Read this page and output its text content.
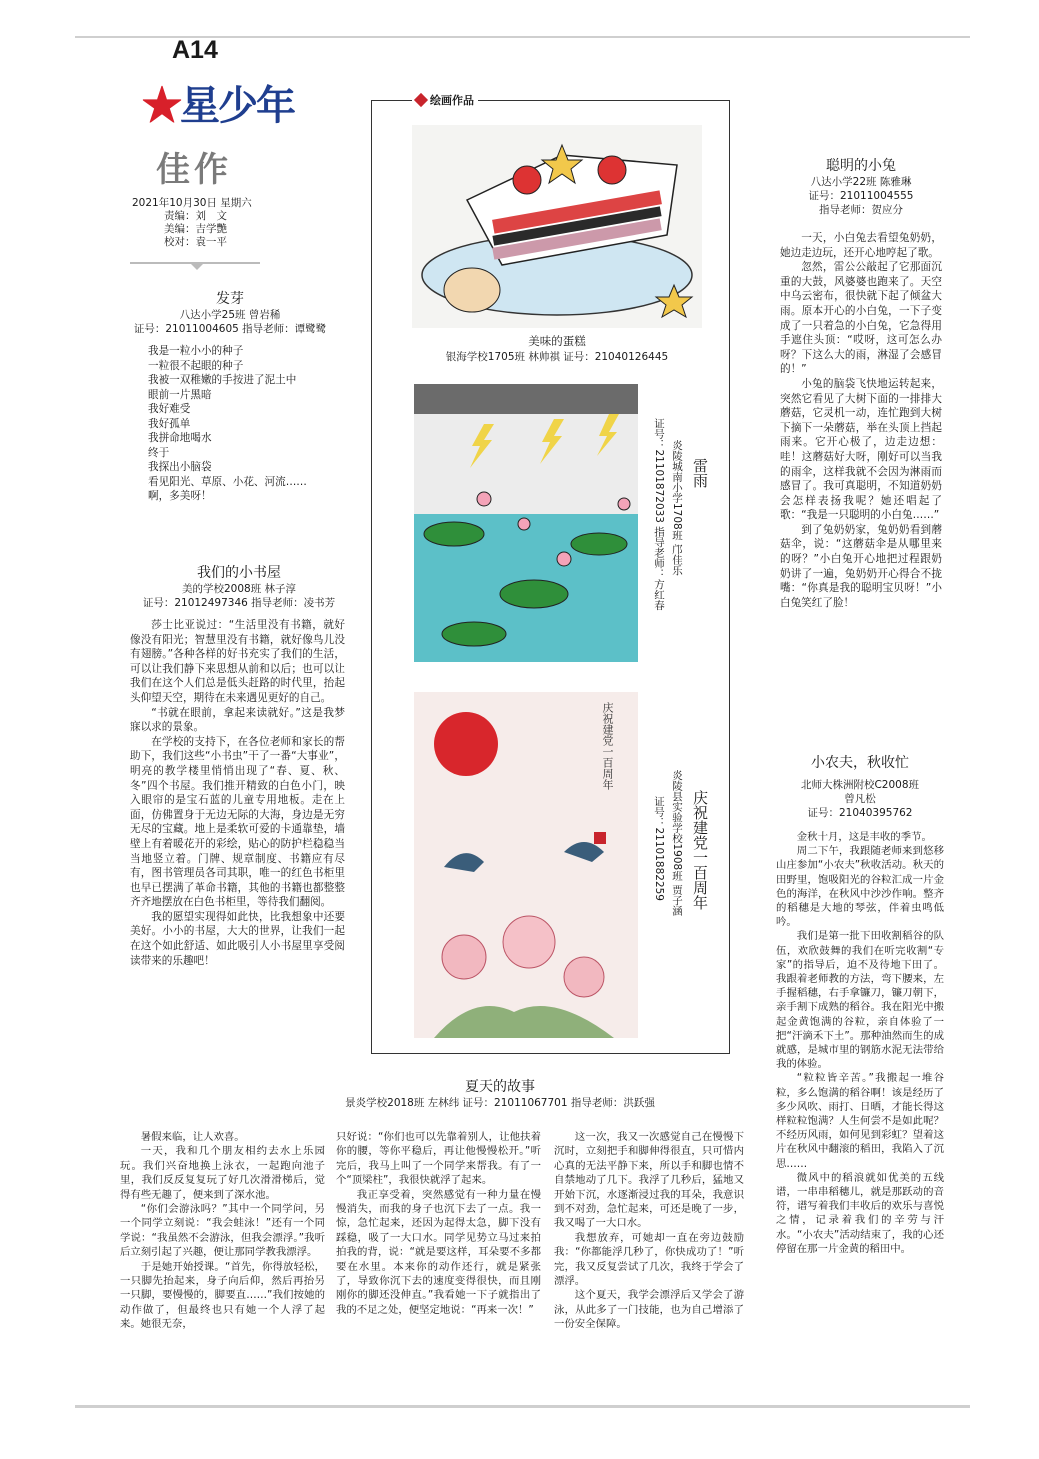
A14
★星少年
佳作
2021年10月30日 星期六
责编：刘　文
美编：吉学艷
校对：袁一平
发芽
八达小学25班 曾岩稀
证号：21011004605 指导老师：谭鹭鹭
我是一粒小小的种子
一粒很不起眼的种子
我被一双稚嫩的手按进了泥土中
眼前一片黑暗
我好难受
我好孤单
我拼命地喝水
终于
我探出小脑袋
看见阳光、草原、小花、河流……
啊，多美呀！
我们的小书屋
美的学校2008班 林子淳
证号：21012497346 指导老师：凌书芳

莎士比亚说过：“生活里没有书籍，就好像没有阳光；智慧里没有书籍，就好像鸟儿没有翅膀。”各种各样的好书充实了我们的生活，可以让我们静下来思想从前和以后；也可以让我们在这个人们总是低头赶路的时代里，抬起头仰望天空，期待在未来遇见更好的自己。

“书就在眼前，拿起来读就好。”这是我梦寐以求的景象。

在学校的支持下，在各位老师和家长的帮助下，我们这些“小书虫”干了一番“大事业”，明亮的教学楼里悄悄出现了“春、夏、秋、冬”四个书屋。我们推开精致的白色小门，映入眼帘的是宝石蓝的儿童专用地板。走在上面，仿佛置身于无边无际的大海，身边是无穷无尽的宝藏。地上是柔软可爱的卡通靠垫，墙壁上有着暖花开的彩绘，贴心的防护栏稳稳当当地竖立着。门牌、规章制度、书籍应有尽有，图书管理员各司其职，唯一的红色书柜里也早已摆满了革命书籍，其他的书籍也都整整齐齐地摆放在白色书柜里，等待我们翻阅。

我的愿望实现得如此快，比我想象中还要美好。小小的书屋，大大的世界，让我们一起在这个如此舒适、如此吸引人小书屋里享受阅读带来的乐趣吧！

绘画作品
美味的蛋糕
银海学校1705班 林帅祺 证号：21040126445
雷雨
炎陵城南小学1708班 邝佳乐
证号：21101872033 指导老师：方红春
庆祝建党一百周年
庆祝建党一百周年
炎陵县实验学校1908班 贾子涵
证号：21101882259
聪明的小兔
八达小学22班 陈雅琳
证号：21011004555
指导老师：贺应分

一天，小白兔去看望兔奶奶，她边走边玩，还开心地哼起了歌。

忽然，雷公公敲起了它那面沉重的大鼓，风婆婆也跑来了。天空中乌云密布，很快就下起了倾盆大雨。原本开心的小白兔，一下子变成了一只着急的小白兔，它急得用手遮住头顶：“哎呀，这可怎么办呀？下这么大的雨，淋湿了会感冒的！”

小兔的脑袋飞快地运转起来，突然它看见了大树下面的一排排大蘑菇，它灵机一动，连忙跑到大树下摘下一朵蘑菇，举在头顶上挡起雨来。它开心极了，边走边想：哇！这蘑菇好大呀，刚好可以当我的雨伞，这样我就不会因为淋雨而感冒了。我可真聪明，不知道奶奶会怎样表扬我呢？她还唱起了歌：“我是一只聪明的小白兔……”

到了兔奶奶家，兔奶奶看到蘑菇伞，说：“这蘑菇伞是从哪里来的呀？”小白兔开心地把过程跟奶奶讲了一遍，兔奶奶开心得合不拢嘴：“你真是我的聪明宝贝呀！”小白兔笑红了脸！

小农夫，秋收忙
北师大株洲附校C2008班
曾凡松
证号：21040395762

金秋十月，这是丰收的季节。

周二下午，我跟随老师来到悠移山庄参加“小农夫”秋收活动。秋天的田野里，饱吸阳光的谷粒汇成一片金色的海洋，在秋风中沙沙作响。整齐的稻穗是大地的琴弦，伴着虫鸣低吟。

我们是第一批下田收割稻谷的队伍，欢欣鼓舞的我们在听完收割“专家”的指导后，迫不及待地下田了。我跟着老师教的方法，弯下腰来，左手握稻穗，右手拿镰刀，镰刀朝下，亲手割下成熟的稻谷。我在阳光中搬起金黄饱满的谷粒，亲自体验了一把“汗滴禾下土”。那种油然而生的成就感，是城市里的钢筋水泥无法带给我的体验。

“粒粒皆辛苦。”我搬起一堆谷粒，多么饱满的稻谷啊！该是经历了多少风吹、雨打、日晒，才能长得这样粒粒饱满？人生何尝不是如此呢？不经历风雨，如何见到彩虹？望着这片在秋风中翻滚的稻田，我陷入了沉思……

微风中的稻浪就如优美的五线谱，一串串稻穗儿，就是那跃动的音符，谱写着我们丰收后的欢乐与喜悦之情，记录着我们的辛劳与汗水。“小农夫”活动结束了，我的心还停留在那一片金黄的稻田中。

夏天的故事
景炎学校2018班 左林纬 证号：21011067701 指导老师：洪跃强

暑假来临，让人欢喜。

一天，我和几个朋友相约去水上乐园玩。我们兴奋地换上泳衣，一起跑向池子里，我们反反复复玩了好几次滑滑梯后，觉得有些无趣了，便来到了深水池。

“你们会游泳吗？”其中一个同学问，另一个同学立刻说：“我会蛙泳！”还有一个同学说：“我虽然不会游泳，但我会漂浮。”我听后立刻引起了兴趣，便让那同学教我漂浮。

于是她开始授课。“首先，你得放轻松，一只脚先抬起来，身子向后仰，然后再抬另一只脚，要慢慢的，脚要直……”我们按她的动作做了，但最终也只有她一个人浮了起来。她很无奈，

只好说：“你们也可以先靠着别人，让他扶着你的腰，等你平稳后，再让他慢慢松开。”听完后，我马上叫了一个同学来帮我。有了一个“顶梁柱”，我很快就浮了起来。

我正享受着，突然感觉有一种力量在慢慢消失，而我的身子也沉下去了一点。我一惊，急忙起来，还因为起得太急，脚下没有踩稳，吸了一大口水。同学见势立马过来拍拍我的背，说：“就是要这样，耳朵要不多都要在水里。本来你的动作还行，就是紧张了，导致你沉下去的速度变得很快，而且刚刚你的脚还没伸直。”我看她一下子就指出了我的不足之处，便坚定地说：“再来一次！”

这一次，我又一次感觉自己在慢慢下沉时，立刻把手和脚伸得很直，只可惜内心真的无法平静下来，所以手和脚也情不自禁地动了几下。我浮了几秒后，猛地又开始下沉，水逐渐浸过我的耳朵，我意识到不对劲，急忙起来，可还是晚了一步，我又喝了一大口水。

我想放弃，可她却一直在旁边鼓励我：“你都能浮几秒了，你快成功了！”听完，我又反复尝试了几次，我终于学会了漂浮。

这个夏天，我学会漂浮后又学会了游泳，从此多了一门技能，也为自己增添了一份安全保障。
